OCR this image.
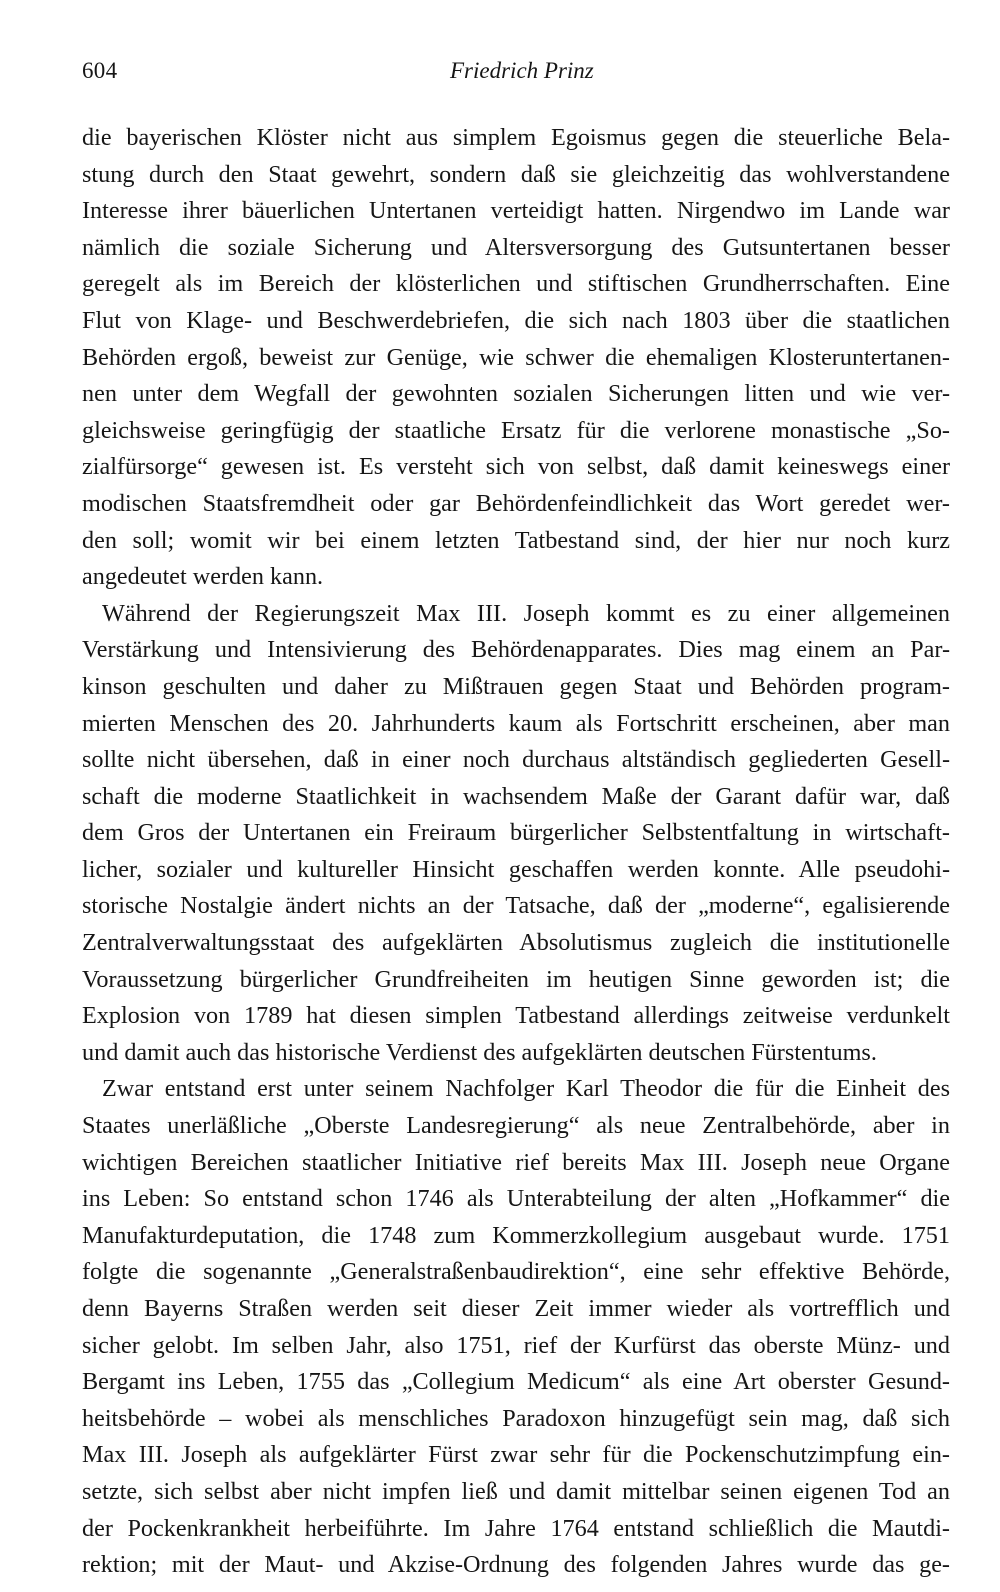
604	Friedrich Prinz
die bayerischen Klöster nicht aus simplem Egoismus gegen die steuerliche Bela-
stung durch den Staat gewehrt, sondern daß sie gleichzeitig das wohlverstandene
Interesse ihrer bäuerlichen Untertanen verteidigt hatten. Nirgendwo im Lande war
nämlich die soziale Sicherung und Altersversorgung des Gutsuntertanen besser
geregelt als im Bereich der klösterlichen und stiftischen Grundherrschaften. Eine
Flut von Klage- und Beschwerdebriefen, die sich nach 1803 über die staatlichen
Behörden ergoß, beweist zur Genüge, wie schwer die ehemaligen Klosteruntertanen-
nen unter dem Wegfall der gewohnten sozialen Sicherungen litten und wie ver-
gleichsweise geringfügig der staatliche Ersatz für die verlorene monastische „So-
zialfürsorge“ gewesen ist. Es versteht sich von selbst, daß damit keineswegs einer
modischen Staatsfremdheit oder gar Behördenfeindlichkeit das Wort geredet wer-
den soll; womit wir bei einem letzten Tatbestand sind, der hier nur noch kurz
angedeutet werden kann.
Während der Regierungszeit Max III. Joseph kommt es zu einer allgemeinen
Verstärkung und Intensivierung des Behördenapparates. Dies mag einem an Par-
kinson geschulten und daher zu Mißtrauen gegen Staat und Behörden program-
mierten Menschen des 20. Jahrhunderts kaum als Fortschritt erscheinen, aber man
sollte nicht übersehen, daß in einer noch durchaus altständisch gegliederten Gesell-
schaft die moderne Staatlichkeit in wachsendem Maße der Garant dafür war, daß
dem Gros der Untertanen ein Freiraum bürgerlicher Selbstentfaltung in wirtschaft-
licher, sozialer und kultureller Hinsicht geschaffen werden konnte. Alle pseudohi-
storische Nostalgie ändert nichts an der Tatsache, daß der „moderne“, egalisierende
Zentralverwaltungsstaat des aufgeklärten Absolutismus zugleich die institutionelle
Voraussetzung bürgerlicher Grundfreiheiten im heutigen Sinne geworden ist; die
Explosion von 1789 hat diesen simplen Tatbestand allerdings zeitweise verdunkelt
und damit auch das historische Verdienst des aufgeklärten deutschen Fürstentums.
Zwar entstand erst unter seinem Nachfolger Karl Theodor die für die Einheit des
Staates unerläßliche „Oberste Landesregierung“ als neue Zentralbehörde, aber in
wichtigen Bereichen staatlicher Initiative rief bereits Max III. Joseph neue Organe
ins Leben: So entstand schon 1746 als Unterabteilung der alten „Hofkammer“ die
Manufakturdeputation, die 1748 zum Kommerzkollegium ausgebaut wurde. 1751
folgte die sogenannte „Generalstraßenbaudirektion“, eine sehr effektive Behörde,
denn Bayerns Straßen werden seit dieser Zeit immer wieder als vortrefflich und
sicher gelobt. Im selben Jahr, also 1751, rief der Kurfürst das oberste Münz- und
Bergamt ins Leben, 1755 das „Collegium Medicum“ als eine Art oberster Gesund-
heitsbehörde – wobei als menschliches Paradoxon hinzugefügt sein mag, daß sich
Max III. Joseph als aufgeklärter Fürst zwar sehr für die Pockenschutzimpfung ein-
setzte, sich selbst aber nicht impfen ließ und damit mittelbar seinen eigenen Tod an
der Pockenkrankheit herbeiführte. Im Jahre 1764 entstand schließlich die Mautdi-
rektion; mit der Maut- und Akzise-Ordnung des folgenden Jahres wurde das ge-
